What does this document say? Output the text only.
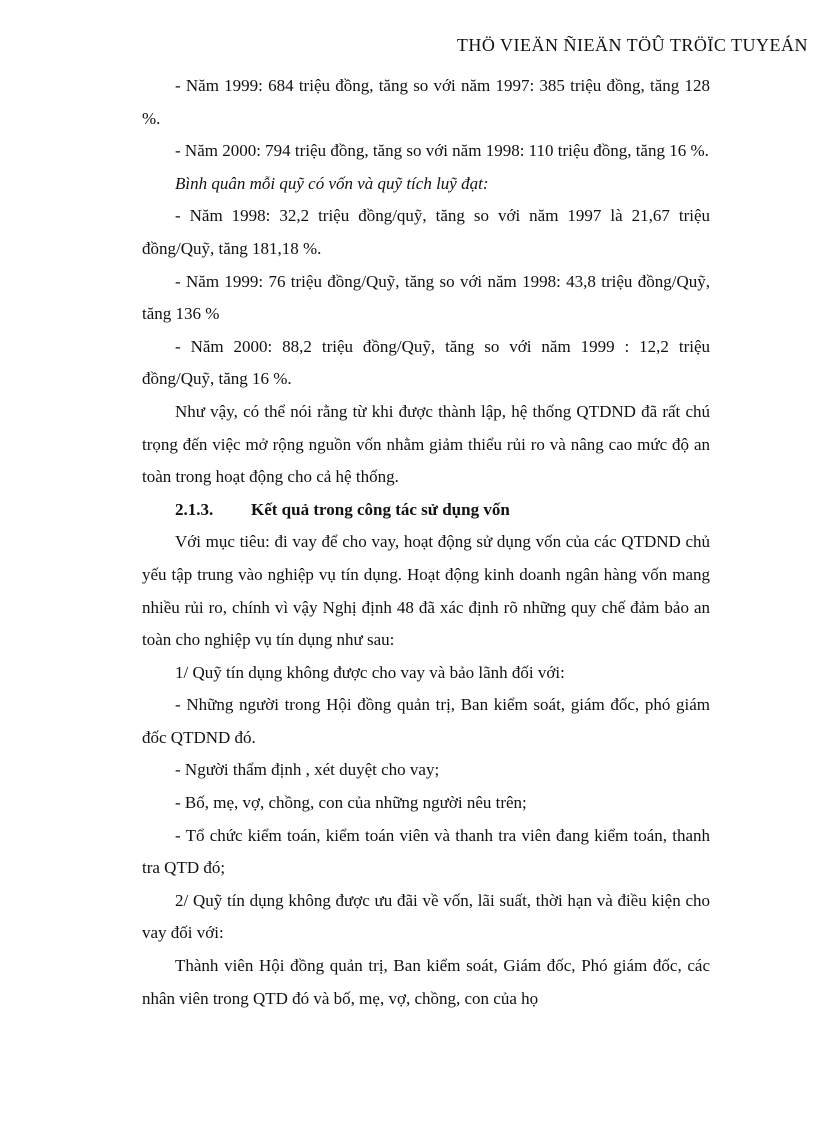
THÖ VIEÄN ÑIEÄN TÖÛ TRÖÏC TUYEÁN

- Năm 1999: 684 triệu đồng, tăng so với năm 1997: 385 triệu đồng, tăng 128 %.

- Năm 2000: 794 triệu đồng, tăng so với năm 1998: 110 triệu đồng, tăng 16 %.

Bình quân mỗi quỹ có vốn và quỹ tích luỹ đạt:

- Năm 1998: 32,2 triệu đồng/quỹ, tăng so với năm 1997 là 21,67 triệu đồng/Quỹ, tăng 181,18 %.

- Năm 1999: 76 triệu đồng/Quỹ, tăng so với năm 1998: 43,8 triệu đồng/Quỹ, tăng 136 %

- Năm 2000: 88,2 triệu đồng/Quỹ, tăng so với năm 1999 : 12,2 triệu đồng/Quỹ, tăng 16 %.

Như vậy, có thể nói rằng từ khi được thành lập, hệ thống QTDND đã rất chú trọng đến việc mở rộng nguồn vốn nhằm giảm thiểu rủi ro và nâng cao mức độ an toàn trong hoạt động cho cả hệ thống.

2.1.3. Kết quả trong công tác sử dụng vốn

Với mục tiêu: đi vay để cho vay, hoạt động sử dụng vốn của các QTDND chủ yếu tập trung vào nghiệp vụ tín dụng. Hoạt động kinh doanh ngân hàng vốn mang nhiều rủi ro, chính vì vậy Nghị định 48 đã xác định rõ những quy chế đảm bảo an toàn cho nghiệp vụ tín dụng như sau:

1/ Quỹ tín dụng không được cho vay và bảo lãnh đối với:

- Những người trong Hội đồng quản trị, Ban kiểm soát, giám đốc, phó giám đốc QTDND đó.

- Người thẩm định , xét duyệt cho vay;

- Bố, mẹ, vợ, chồng, con của những người nêu trên;

- Tổ chức kiểm toán, kiểm toán viên và thanh tra viên đang kiểm toán, thanh tra QTD đó;

2/ Quỹ tín dụng không được ưu đãi về vốn, lãi suất, thời hạn và điều kiện cho vay đối với:

Thành viên Hội đồng quản trị, Ban kiểm soát, Giám đốc, Phó giám đốc, các nhân viên trong QTD đó và bố, mẹ, vợ, chồng, con của họ
